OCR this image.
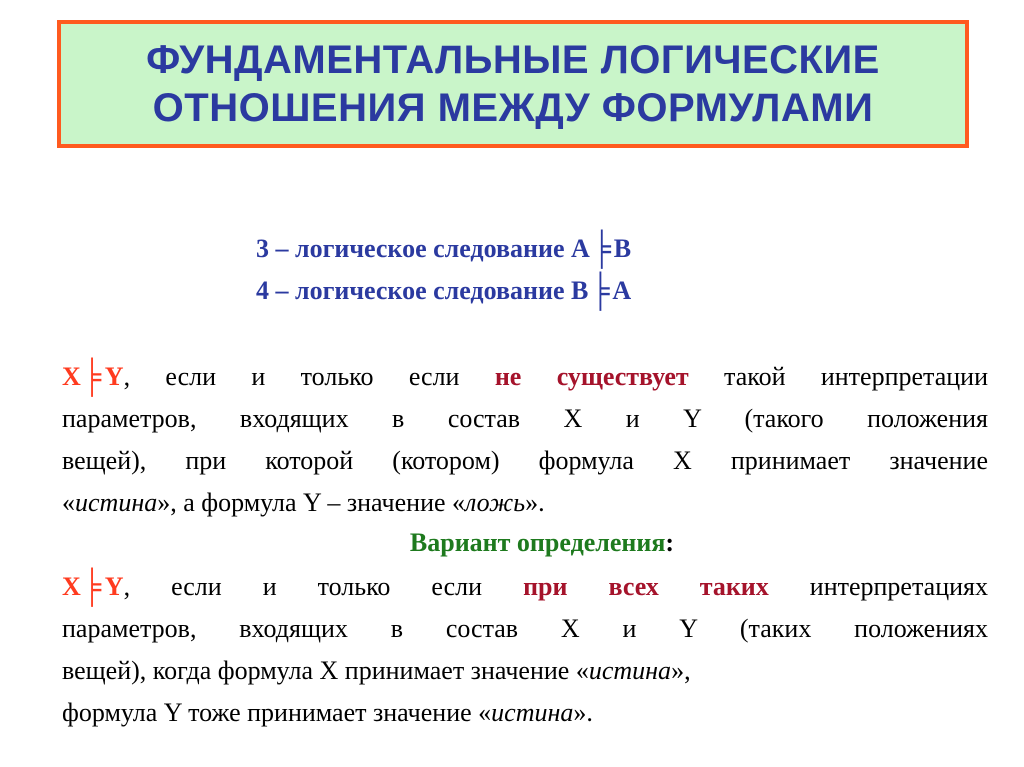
ФУНДАМЕНТАЛЬНЫЕ ЛОГИЧЕСКИЕ
ОТНОШЕНИЯ МЕЖДУ ФОРМУЛАМИ
3 – логическое следование A ╞ B
4 – логическое следование B ╞ A
X╞ Y, если и только если не существует такой интерпретации
параметров, входящих в состав X и Y (такого положения
вещей), при которой (котором) формула X принимает значение
«истина», а формула Y – значение «ложь».
Вариант определения:
X╞ Y, если и только если при всех таких интерпретациях
параметров, входящих в состав X и Y (таких положениях
вещей), когда формула X принимает значение «истина»,
формула Y тоже принимает значение «истина».
